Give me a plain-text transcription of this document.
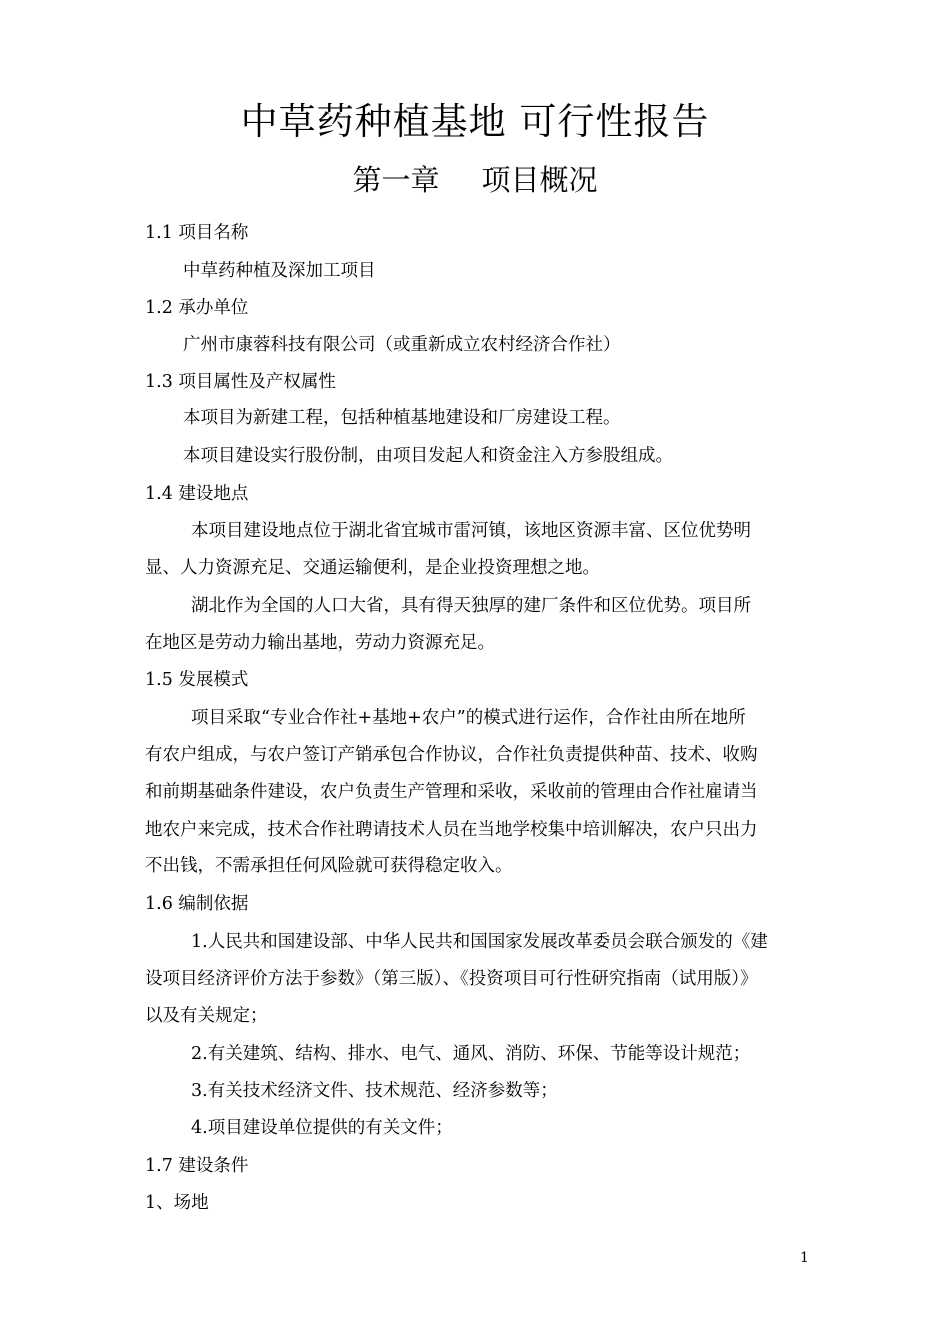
中草药种植基地 可行性报告
第一章 项目概况
1.1 项目名称
中草药种植及深加工项目
1.2 承办单位
广州市康蓉科技有限公司（或重新成立农村经济合作社）
1.3 项目属性及产权属性
本项目为新建工程，包括种植基地建设和厂房建设工程。
本项目建设实行股份制，由项目发起人和资金注入方参股组成。
1.4 建设地点
本项目建设地点位于湖北省宜城市雷河镇，该地区资源丰富、区位优势明
显、人力资源充足、交通运输便利，是企业投资理想之地。
湖北作为全国的人口大省，具有得天独厚的建厂条件和区位优势。项目所
在地区是劳动力输出基地，劳动力资源充足。
1.5 发展模式
项目采取“专业合作社+基地+农户”的模式进行运作，合作社由所在地所
有农户组成，与农户签订产销承包合作协议，合作社负责提供种苗、技术、收购
和前期基础条件建设，农户负责生产管理和采收，采收前的管理由合作社雇请当
地农户来完成，技术合作社聘请技术人员在当地学校集中培训解决，农户只出力
不出钱，不需承担任何风险就可获得稳定收入。
1.6 编制依据
1.人民共和国建设部、中华人民共和国国家发展改革委员会联合颁发的《建
设项目经济评价方法于参数》（第三版）、《投资项目可行性研究指南（试用版）》
以及有关规定；
2.有关建筑、结构、排水、电气、通风、消防、环保、节能等设计规范；
3.有关技术经济文件、技术规范、经济参数等；
4.项目建设单位提供的有关文件；
1.7 建设条件
1、场地
1
